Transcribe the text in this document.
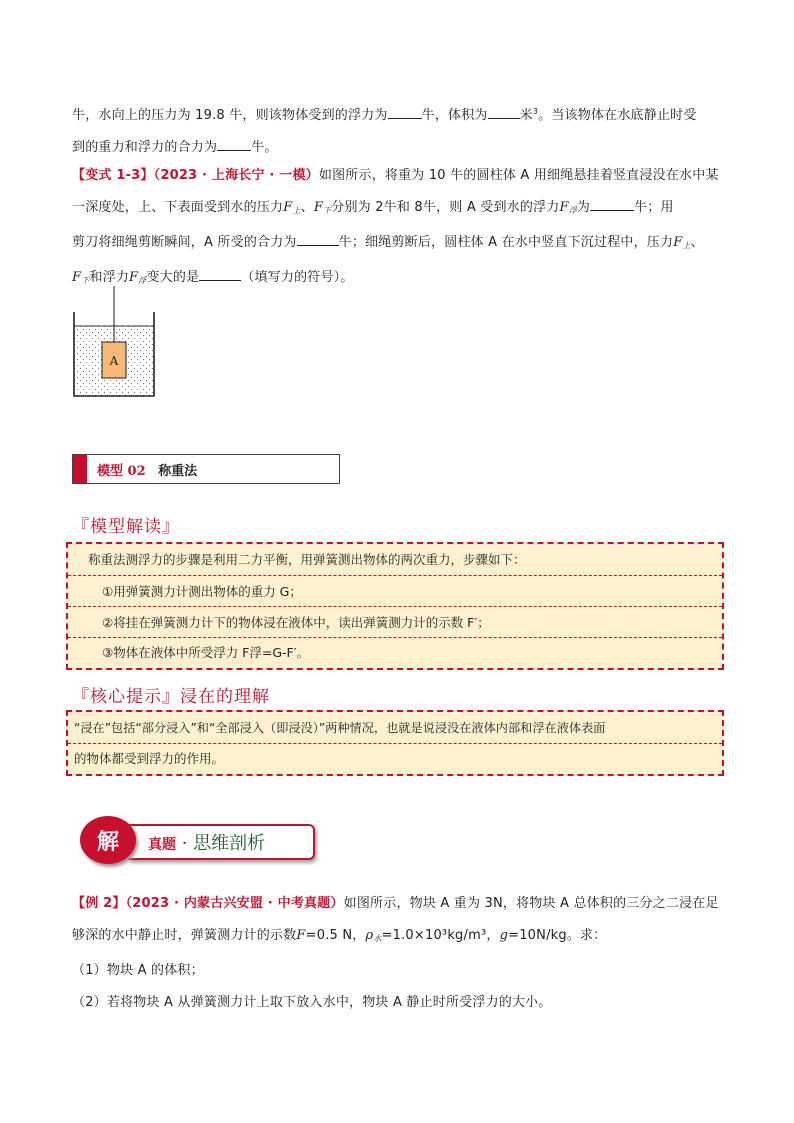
牛，水向上的压力为 19.8 牛，则该物体受到的浮力为	牛，体积为 米$^3$。当该物体在水底静止时受
到的重力和浮力的合力为	牛。
【变式 1-3】（2023 · 上海长宁 · 一模）如图所示，将重为 10 牛的圆柱体 A 用细绳悬挂着竖直浸没在水中某
一深度处，上、下表面受到水的压力$F_上$、$F_下$分别为 2牛和 8牛，则 A 受到水的浮力$F_浮$为	牛；用
剪刀将细绳剪断瞬间，A 所受的合力为	牛；细绳剪断后，圆柱体 A 在水中竖直下沉过程中，压力$F_上$、
$F_下$和浮力$F_浮$变大的是	（填写力的符号）。
A
模型 02 称重法
『模型解读』
称重法测浮力的步骤是利用二力平衡，用弹簧测出物体的两次重力，步骤如下：
①用弹簧测力计测出物体的重力 G；
②将挂在弹簧测力计下的物体浸在液体中，读出弹簧测力计的示数 F′；
③物体在液体中所受浮力 F浮=G-F′。
『核心提示』浸在的理解
“浸在”包括“部分浸入”和“全部浸入（即浸没）”两种情况，也就是说浸没在液体内部和浮在液体表面
的物体都受到浮力的作用。
真题 · 思维剖析
解
【例 2】（2023 · 内蒙古兴安盟 · 中考真题）如图所示，物块 A 重为 3N，将物块 A 总体积的三分之二浸在足
够深的水中静止时，弹簧测力计的示数F=0.5 N，$\rho_水=1.0\times 10^3kg/m^3$，g=10N/kg。求：
（1）物块 A 的体积；
（2）若将物块 A 从弹簧测力计上取下放入水中，物块 A 静止时所受浮力的大小。
